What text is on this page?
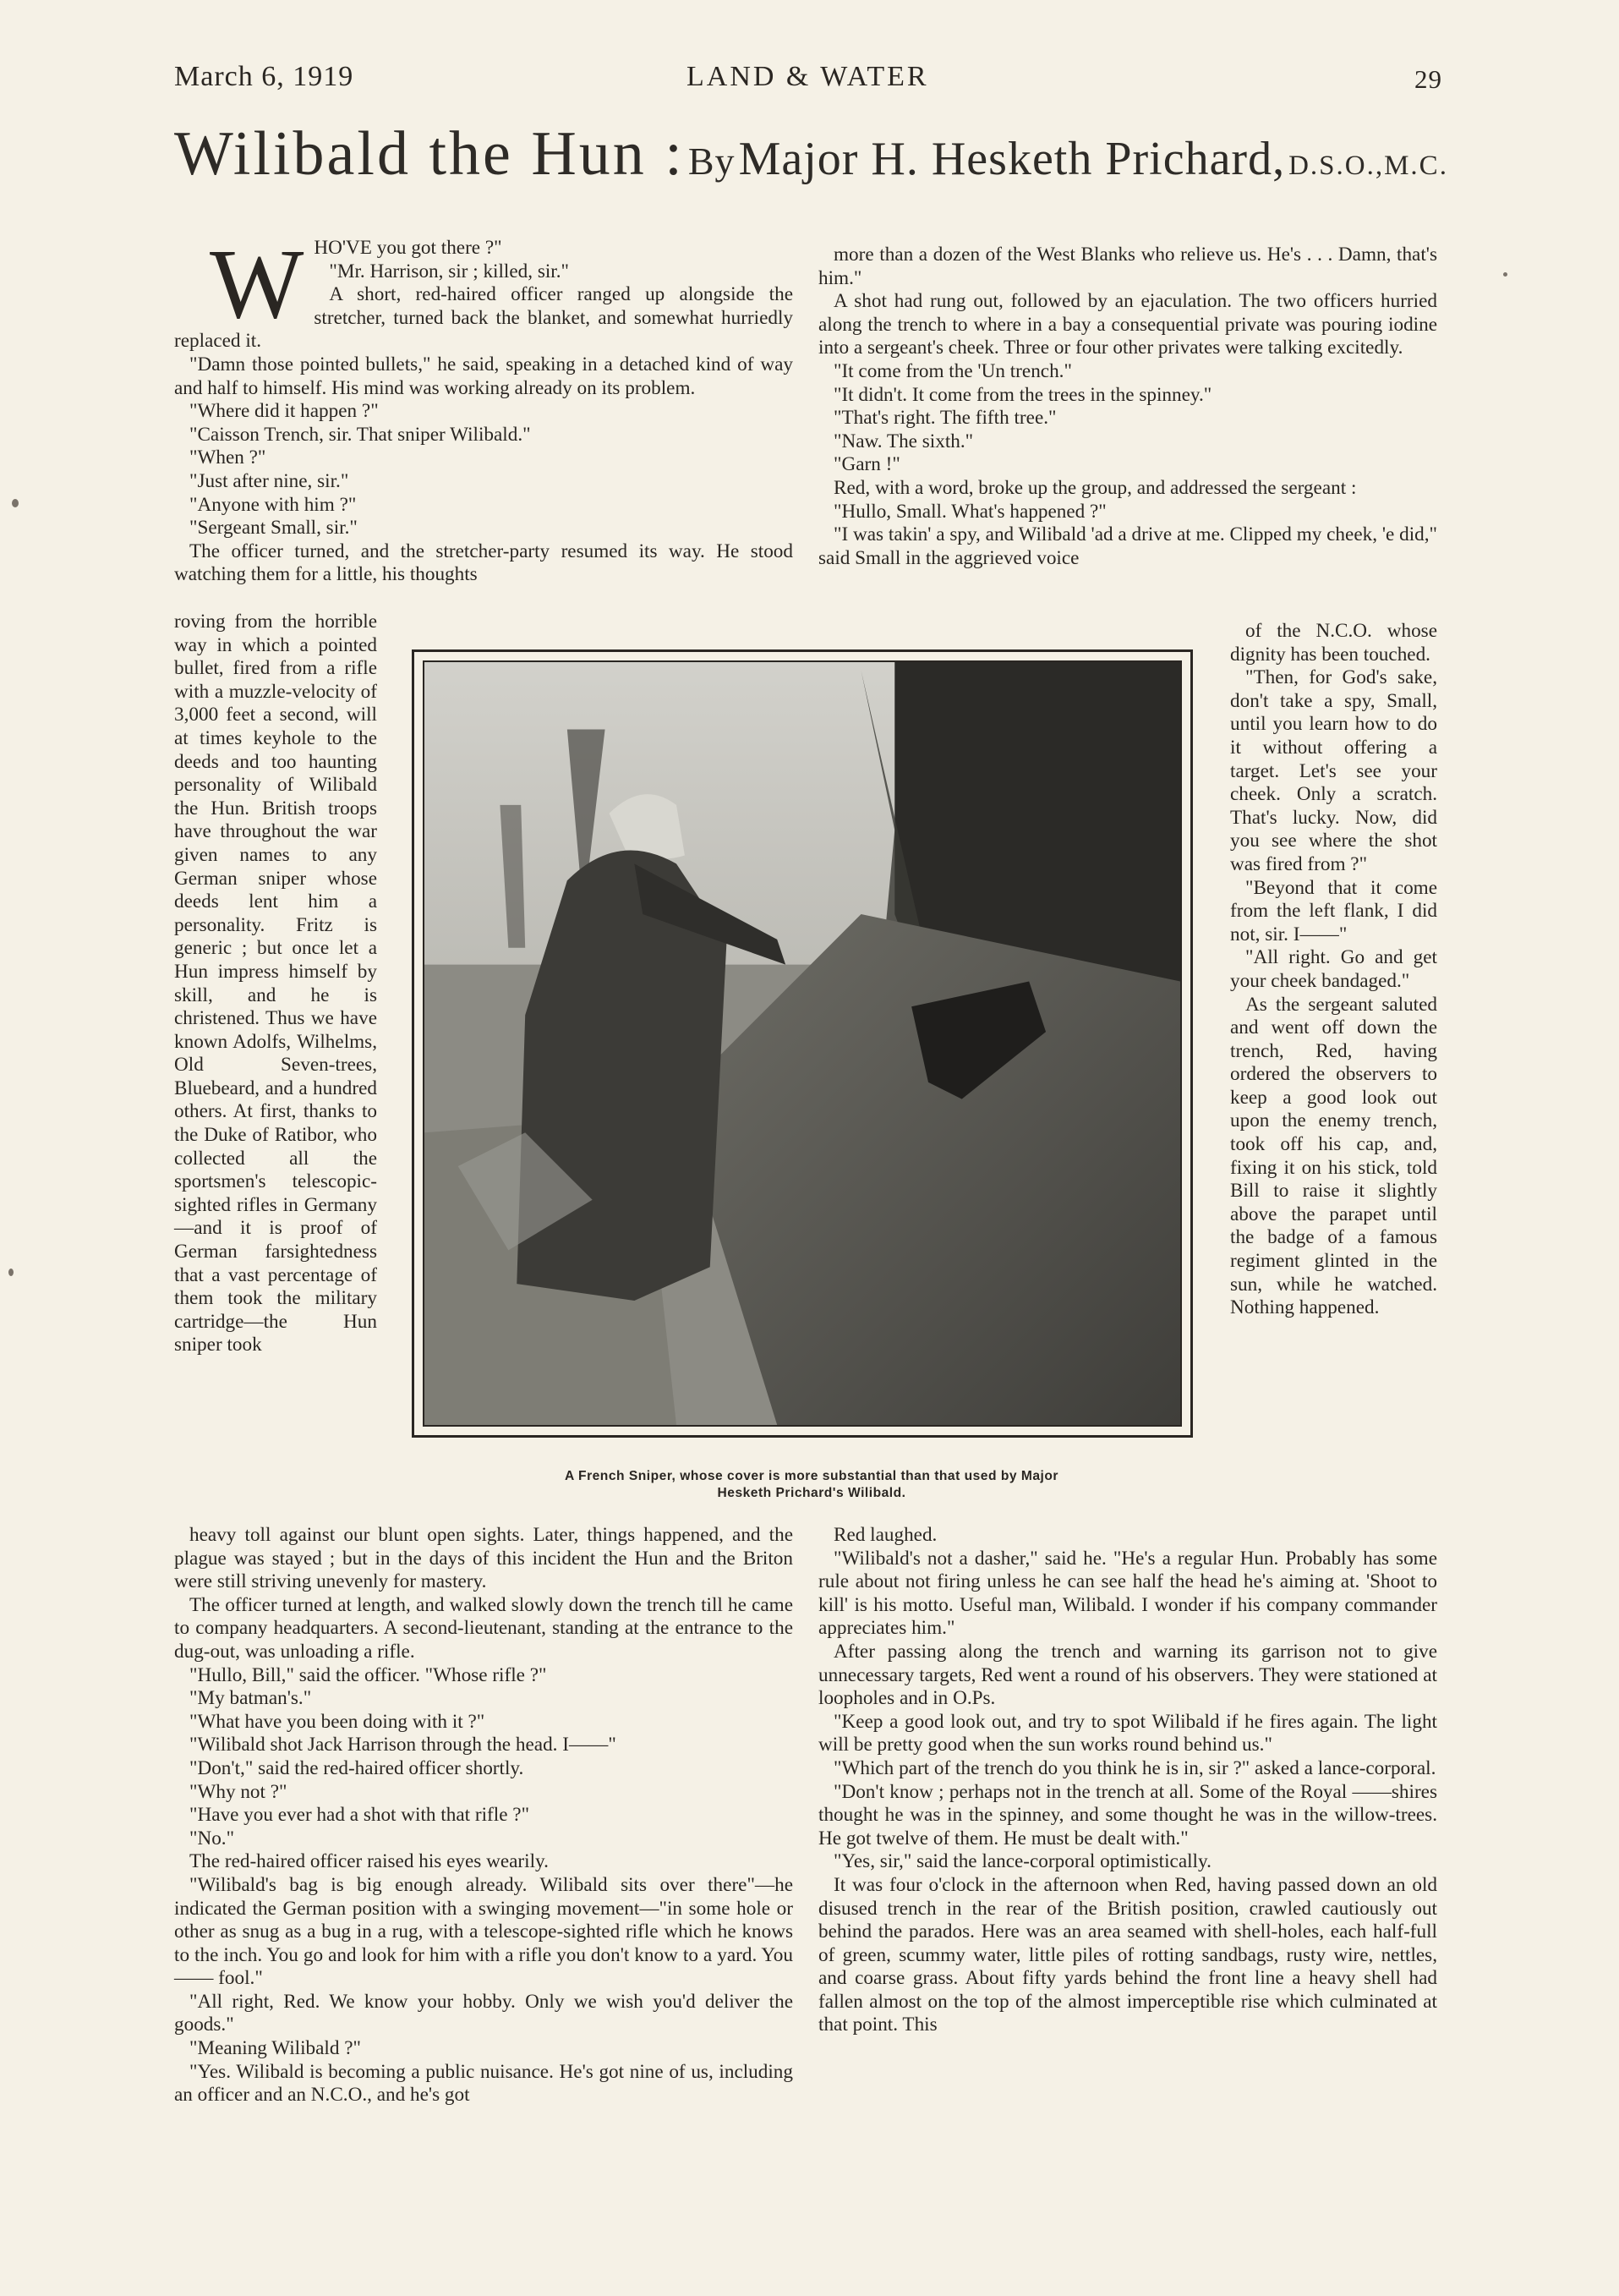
March 6, 1919	LAND & WATER	29
Wilibald the Hun : By Major H. Hesketh Prichard, D.S.O.,M.C.
W HO'VE you got there ?"

"Mr. Harrison, sir ; killed, sir."

A short, red-haired officer ranged up alongside the stretcher, turned back the blanket, and somewhat hurriedly replaced it.

"Damn those pointed bullets," he said, speaking in a detached kind of way and half to himself. His mind was working already on its problem.

"Where did it happen ?"

"Caisson Trench, sir. That sniper Wilibald."

"When ?"

"Just after nine, sir."

"Anyone with him ?"

"Sergeant Small, sir."

The officer turned, and the stretcher-party resumed its way. He stood watching them for a little, his thoughts

roving from the horrible way in which a pointed bullet, fired from a rifle with a muzzle-velocity of 3,000 feet a second, will at times keyhole to the deeds and too haunting personality of Wilibald the Hun. British troops have throughout the war given names to any German sniper whose deeds lent him a personality. Fritz is generic ; but once let a Hun impress himself by skill, and he is christened. Thus we have known Adolfs, Wilhelms, Old Seven-trees, Bluebeard, and a hundred others. At first, thanks to the Duke of Ratibor, who collected all the sportsmen's telescopic-sighted rifles in Germany—and it is proof of German farsightedness that a vast percentage of them took the military cartridge—the Hun sniper took

heavy toll against our blunt open sights. Later, things happened, and the plague was stayed ; but in the days of this incident the Hun and the Briton were still striving unevenly for mastery.

The officer turned at length, and walked slowly down the trench till he came to company headquarters. A second-lieutenant, standing at the entrance to the dug-out, was unloading a rifle.

"Hullo, Bill," said the officer. "Whose rifle ?"

"My batman's."

"What have you been doing with it ?"

"Wilibald shot Jack Harrison through the head. I——"

"Don't," said the red-haired officer shortly.

"Why not ?"

"Have you ever had a shot with that rifle ?"

"No."

The red-haired officer raised his eyes wearily.

"Wilibald's bag is big enough already. Wilibald sits over there"—he indicated the German position with a swinging movement—"in some hole or other as snug as a bug in a rug, with a telescope-sighted rifle which he knows to the inch. You go and look for him with a rifle you don't know to a yard. You —— fool."

"All right, Red. We know your hobby. Only we wish you'd deliver the goods."

"Meaning Wilibald ?"

"Yes. Wilibald is becoming a public nuisance. He's got nine of us, including an officer and an N.C.O., and he's got

more than a dozen of the West Blanks who relieve us. He's . . . Damn, that's him."

A shot had rung out, followed by an ejaculation. The two officers hurried along the trench to where in a bay a consequential private was pouring iodine into a sergeant's cheek. Three or four other privates were talking excitedly.

"It come from the 'Un trench."

"It didn't. It come from the trees in the spinney."

"That's right. The fifth tree."

"Naw. The sixth."

"Garn !"

Red, with a word, broke up the group, and addressed the sergeant :

"Hullo, Small. What's happened ?"

"I was takin' a spy, and Wilibald 'ad a drive at me. Clipped my cheek, 'e did," said Small in the aggrieved voice

of the N.C.O. whose dignity has been touched.

"Then, for God's sake, don't take a spy, Small, until you learn how to do it without offering a target. Let's see your cheek. Only a scratch. That's lucky. Now, did you see where the shot was fired from ?"

"Beyond that it come from the left flank, I did not, sir. I——"

"All right. Go and get your cheek bandaged."

As the sergeant saluted and went off down the trench, Red, having ordered the observers to keep a good look out upon the enemy trench, took off his cap, and, fixing it on his stick, told Bill to raise it slightly above the parapet until the badge of a famous regiment glinted in the sun, while he watched. Nothing happened.

Red laughed.

"Wilibald's not a dasher," said he. "He's a regular Hun. Probably has some rule about not firing unless he can see half the head he's aiming at. 'Shoot to kill' is his motto. Useful man, Wilibald. I wonder if his company commander appreciates him."

After passing along the trench and warning its garrison not to give unnecessary targets, Red went a round of his observers. They were stationed at loopholes and in O.Ps.

"Keep a good look out, and try to spot Wilibald if he fires again. The light will be pretty good when the sun works round behind us."

"Which part of the trench do you think he is in, sir ?" asked a lance-corporal.

"Don't know ; perhaps not in the trench at all. Some of the Royal ——shires thought he was in the spinney, and some thought he was in the willow-trees. He got twelve of them. He must be dealt with."

"Yes, sir," said the lance-corporal optimistically.

It was four o'clock in the afternoon when Red, having passed down an old disused trench in the rear of the British position, crawled cautiously out behind the parados. Here was an area seamed with shell-holes, each half-full of green, scummy water, little piles of rotting sandbags, rusty wire, nettles, and coarse grass. About fifty yards behind the front line a heavy shell had fallen almost on the top of the almost imperceptible rise which culminated at that point. This

A French Sniper, whose cover is more substantial than that used by Major Hesketh Prichard's Wilibald.
